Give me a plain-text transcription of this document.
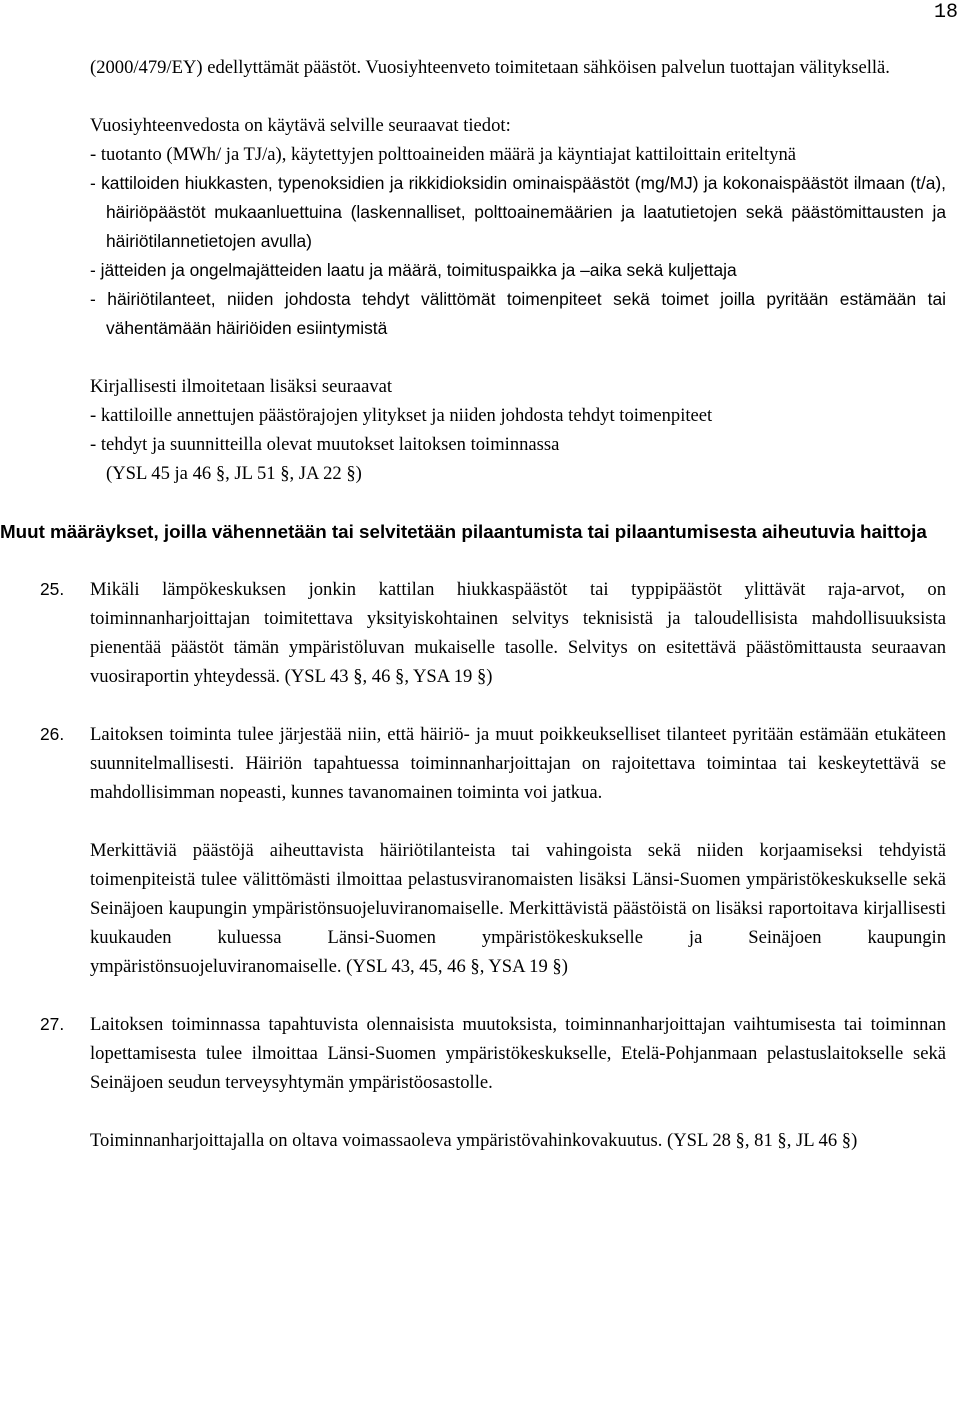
18

(2000/479/EY) edellyttämät päästöt. Vuosiyhteenveto toimitetaan sähköisen palvelun tuottajan välityksellä.

Vuosiyhteenvedosta on käytävä selville seuraavat tiedot:

- tuotanto (MWh/ ja TJ/a), käytettyjen polttoaineiden määrä ja käyntiajat kattiloittain eriteltynä

- kattiloiden hiukkasten, typenoksidien ja rikkidioksidin ominaispäästöt (mg/MJ) ja kokonaispäästöt ilmaan (t/a), häiriöpäästöt mukaanluettuina (laskennalliset, polttoainemäärien ja laatutietojen sekä päästömittausten ja häiriötilannetietojen avulla)

- jätteiden ja ongelmajätteiden laatu ja määrä, toimituspaikka ja –aika sekä kuljettaja

- häiriötilanteet, niiden johdosta tehdyt välittömät toimenpiteet sekä toimet joilla pyritään estämään tai vähentämään häiriöiden esiintymistä

Kirjallisesti ilmoitetaan lisäksi seuraavat

- kattiloille annettujen päästörajojen ylitykset ja niiden johdosta tehdyt toimenpiteet

- tehdyt ja suunnitteilla olevat muutokset laitoksen toiminnassa

(YSL 45 ja 46 §, JL 51 §, JA 22 §)

Muut määräykset, joilla vähennetään tai selvitetään pilaantumista tai pilaantumisesta aiheutuvia haittoja

25. Mikäli lämpökeskuksen jonkin kattilan hiukkaspäästöt tai typpipäästöt ylittävät raja-arvot, on toiminnanharjoittajan toimitettava yksityiskohtainen selvitys teknisistä ja taloudellisista mahdollisuuksista pienentää päästöt tämän ympäristöluvan mukaiselle tasolle. Selvitys on esitettävä päästömittausta seuraavan vuosiraportin yhteydessä. (YSL 43 §, 46 §, YSA 19 §)

26. Laitoksen toiminta tulee järjestää niin, että häiriö- ja muut poikkeukselliset tilanteet pyritään estämään etukäteen suunnitelmallisesti. Häiriön tapahtuessa toiminnanharjoittajan on rajoitettava toimintaa tai keskeytettävä se mahdollisimman nopeasti, kunnes tavanomainen toiminta voi jatkua.

Merkittäviä päästöjä aiheuttavista häiriötilanteista tai vahingoista sekä niiden korjaamiseksi tehdyistä toimenpiteistä tulee välittömästi ilmoittaa pelastusviranomaisten lisäksi Länsi-Suomen ympäristökeskukselle sekä Seinäjoen kaupungin ympäristönsuojeluviranomaiselle. Merkittävistä päästöistä on lisäksi raportoitava kirjallisesti kuukauden kuluessa Länsi-Suomen ympäristökeskukselle ja Seinäjoen kaupungin ympäristönsuojeluviranomaiselle. (YSL 43, 45, 46 §, YSA 19 §)

27. Laitoksen toiminnassa tapahtuvista olennaisista muutoksista, toiminnanharjoittajan vaihtumisesta tai toiminnan lopettamisesta tulee ilmoittaa Länsi-Suomen ympäristökeskukselle, Etelä-Pohjanmaan pelastuslaitokselle sekä Seinäjoen seudun terveysyhtymän ympäristöosastolle.

Toiminnanharjoittajalla on oltava voimassaoleva ympäristövahinkovakuutus. (YSL 28 §, 81 §, JL 46 §)
